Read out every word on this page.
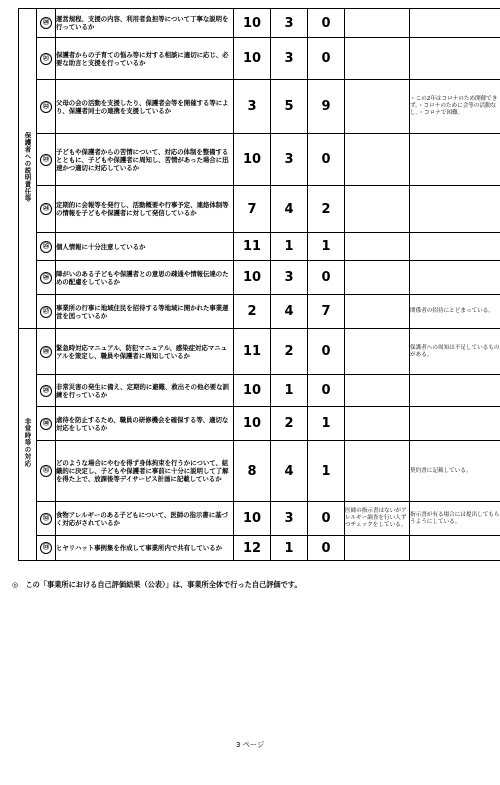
保護者への説明責任等	⑳	運営規程、支援の内容、利用者負担等について丁寧な説明を行っているか	10	3	0		
	㉑	保護者からの子育ての悩み等に対する相談に適切に応じ、必要な助言と支援を行っているか	10	3	0		
	㉒	父母の会の活動を支援したり、保護者会等を開催する等により、保護者同士の連携を支援しているか	3	5	9		・この2年はコロナのため開催できず。・コロナのために会等の活動なし。・コロナで困難。
	㉓	子どもや保護者からの苦情について、対応の体制を整備するとともに、子どもや保護者に周知し、苦情があった場合に迅速かつ適切に対応しているか	10	3	0		
	㉔	定期的に会報等を発行し、活動概要や行事予定、連絡体制等の情報を子どもや保護者に対して発信しているか	7	4	2		
	㉕	個人情報に十分注意しているか	11	1	1		
	㉖	障がいのある子どもや保護者との意思の疎通や情報伝達のための配慮をしているか	10	3	0		
	㉗	事業所の行事に地域住民を招待する等地域に開かれた事業運営を図っているか	2	4	7		関係者の招待にとどまっている。
非常時等の対応	㉘	緊急時対応マニュアル、防犯マニュアル、感染症対応マニュアルを策定し、職員や保護者に周知しているか	11	2	0		保護者への周知は不足しているものがある。
	㉙	非常災害の発生に備え、定期的に避難、救出その他必要な訓練を行っているか	10	1	0		
	㉚	虐待を防止するため、職員の研修機会を確保する等、適切な対応をしているか	10	2	1		
	㉛	どのような場合にやむを得ず身体拘束を行うかについて、組織的に決定し、子どもや保護者に事前に十分に説明して了解を得た上で、放課後等デイサービス計画に記載しているか	8	4	1		契約書に記載している。
	㉜	食物アレルギーのある子どもについて、医師の指示書に基づく対応がされているか	10	3	0	医師の指示書はないがアレルギー調査を行い人ずつチェックをしている。	指示書が有る場合には提出してもらうようにしている。
	㉝	ヒヤリハット事例集を作成して事業所内で共有しているか	12	1	0		
◎　この「事業所における自己評価結果（公表）」は、事業所全体で行った自己評価です。
3 ページ
